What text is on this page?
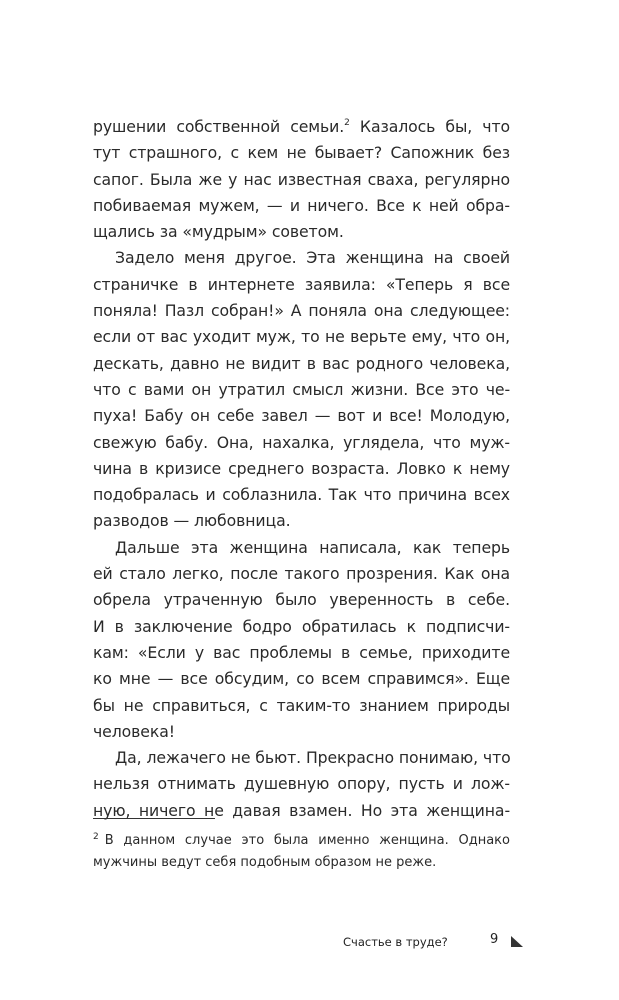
рушении собственной семьи.$^2$ Казалось бы, что
тут страшного, с кем не бывает? Сапожник без
сапог. Была же у нас известная сваха, регулярно
побиваемая мужем, — и ничего. Все к ней обра-
щались за «мудрым» советом.
Задело меня другое. Эта женщина на своей
страничке в интернете заявила: «Теперь я все
поняла! Пазл собран!» А поняла она следующее:
если от вас уходит муж, то не верьте ему, что он,
дескать, давно не видит в вас родного человека,
что с вами он утратил смысл жизни. Все это че-
пуха! Бабу он себе завел — вот и все! Молодую,
свежую бабу. Она, нахалка, углядела, что муж-
чина в кризисе среднего возраста. Ловко к нему
подобралась и соблазнила. Так что причина всех
разводов — любовница.
Дальше эта женщина написала, как теперь
ей стало легко, после такого прозрения. Как она
обрела утраченную было уверенность в себе.
И в заключение бодро обратилась к подписчи-
кам: «Если у вас проблемы в семье, приходите
ко мне — все обсудим, со всем справимся». Еще
бы не справиться, с таким-то знанием природы
человека!
Да, лежачего не бьют. Прекрасно понимаю, что
нельзя отнимать душевную опору, пусть и лож-
ную, ничего не давая взамен. Но эта женщина-
$^2$ В данном случае это была именно женщина. Однако
мужчины ведут себя подобным образом не реже.
Счастье в труде?	9
